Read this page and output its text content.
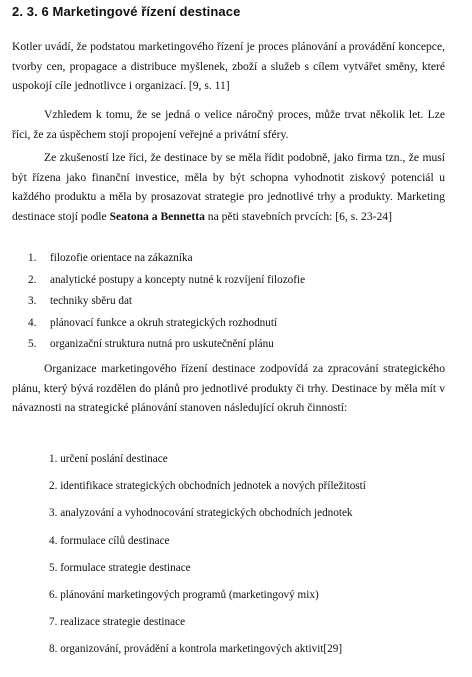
2. 3. 6 Marketingové řízení destinace

Kotler uvádí, že podstatou marketingového řízení je proces plánování a provádění koncepce, tvorby cen, propagace a distribuce myšlenek, zboží a služeb s cílem vytvářet směny, které uspokojí cíle jednotlivce i organizací. [9, s. 11]

Vzhledem k tomu, že se jedná o velice náročný proces, může trvat několik let. Lze říci, že za úspěchem stojí propojení veřejné a privátní sféry.

Ze zkušeností lze říci, že destinace by se měla řídit podobně, jako firma tzn., že musí být řízena jako finanční investice, měla by být schopna vyhodnotit ziskový potenciál u každého produktu a měla by prosazovat strategie pro jednotlivé trhy a produkty. Marketing destinace stojí podle Seatona a Bennetta na pěti stavebních prvcích: [6, s. 23-24]

1. filozofie orientace na zákazníka
2. analytické postupy a koncepty nutné k rozvíjení filozofie
3. techniky sběru dat
4. plánovací funkce a okruh strategických rozhodnutí
5. organizační struktura nutná pro uskutečnění plánu

Organizace marketingového řízení destinace zodpovídá za zpracování strategického plánu, který bývá rozdělen do plánů pro jednotlivé produkty či trhy. Destinace by měla mít v návaznosti na strategické plánování stanoven následující okruh činností:

1. určení poslání destinace
2. identifikace strategických obchodních jednotek a nových příležitostí
3. analyzování a vyhodnocování strategických obchodních jednotek
4. formulace cílů destinace
5. formulace strategie destinace
6. plánování marketingových programů (marketingový mix)
7. realizace strategie destinace
8. organizování, provádění a kontrola marketingových aktivit[29]
